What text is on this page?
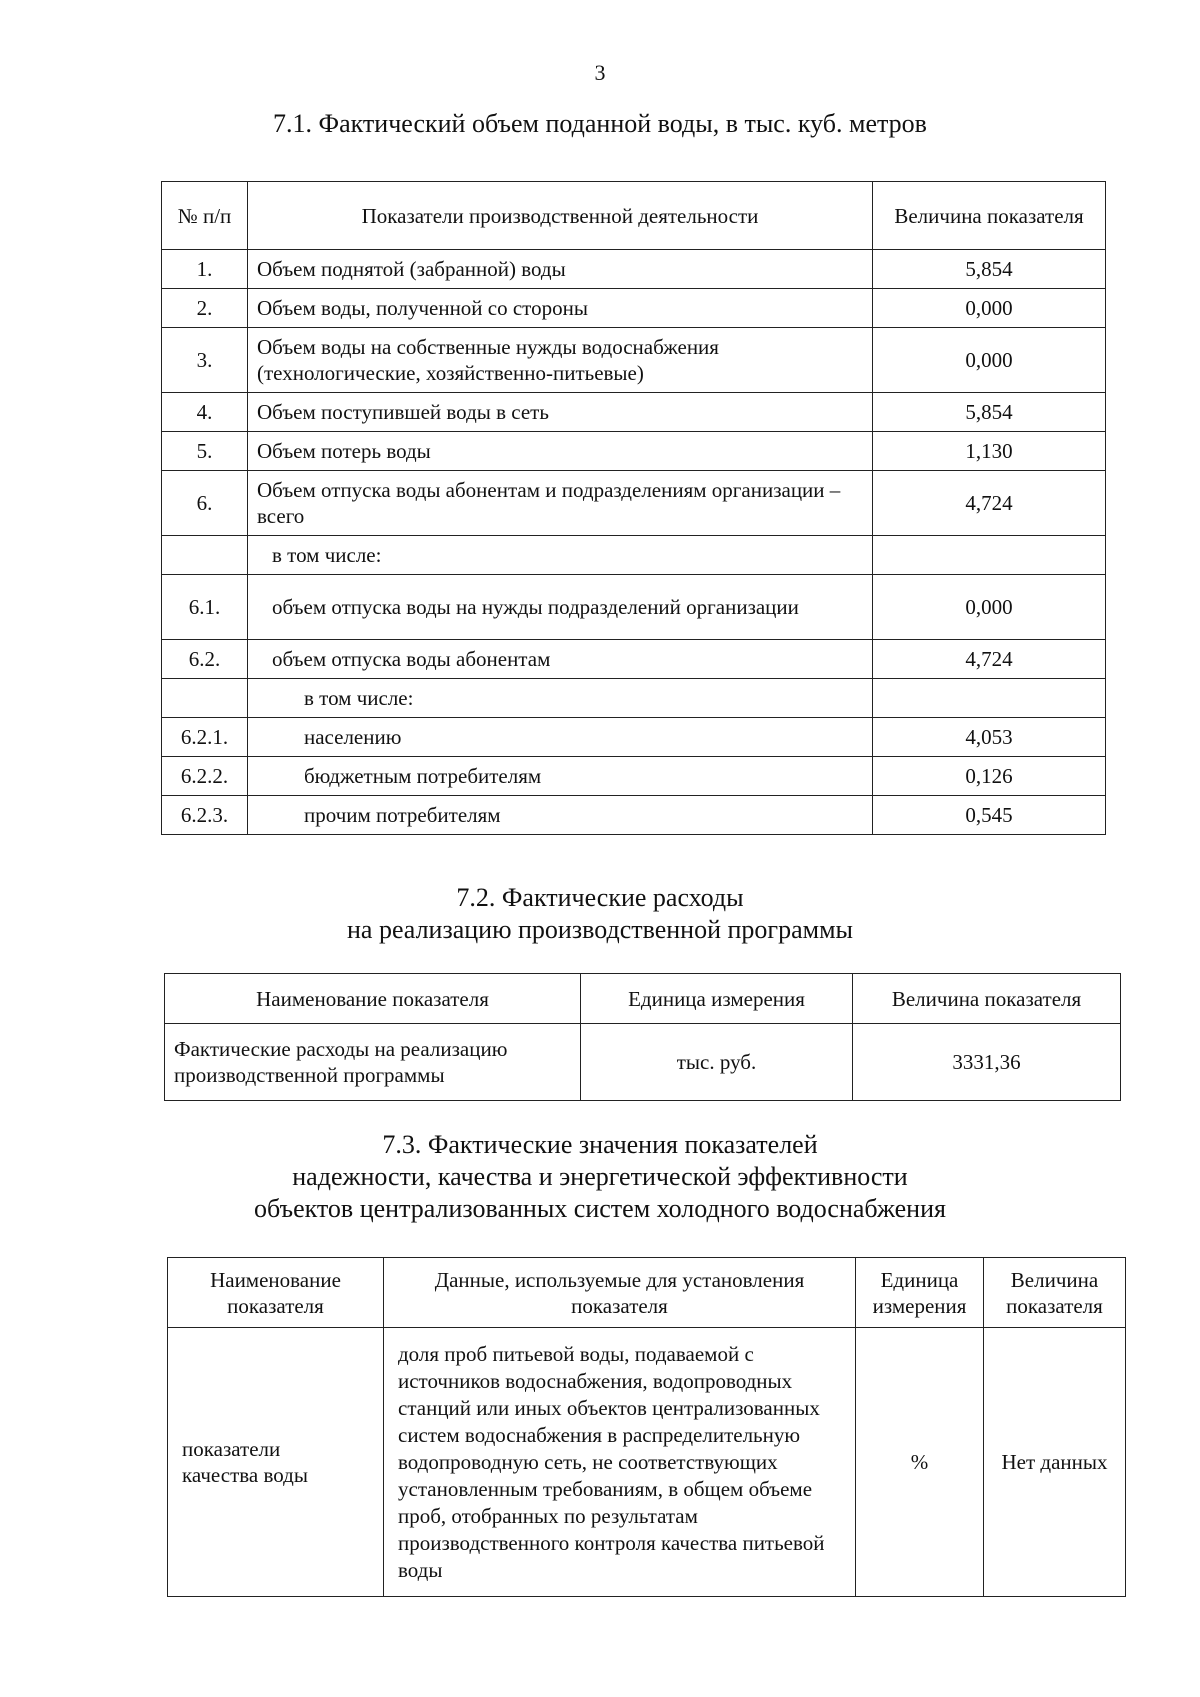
3
7.1. Фактический объем поданной воды, в тыс. куб. метров
№ п/п	Показатели производственной деятельности	Величина показателя
1.	Объем поднятой (забранной) воды	5,854
2.	Объем воды, полученной со стороны	0,000
3.	Объем воды на собственные нужды водоснабжения (технологические, хозяйственно-питьевые)	0,000
4.	Объем поступившей воды в сеть	5,854
5.	Объем потерь воды	1,130
6.	Объем отпуска воды абонентам и подразделениям организации – всего	4,724
	в том числе:	
6.1.	объем отпуска воды на нужды подразделений организации	0,000
6.2.	объем отпуска воды абонентам	4,724
	в том числе:	
6.2.1.	населению	4,053
6.2.2.	бюджетным потребителям	0,126
6.2.3.	прочим потребителям	0,545
7.2. Фактические расходы
на реализацию производственной программы
Наименование показателя	Единица измерения	Величина показателя
Фактические расходы на реализацию производственной программы	тыс. руб.	3331,36
7.3. Фактические значения показателей
надежности, качества и энергетической эффективности
объектов централизованных систем холодного водоснабжения
Наименование показателя	Данные, используемые для установления показателя	Единица измерения	Величина показателя
показатели качества воды	доля проб питьевой воды, подаваемой с источников водоснабжения, водопроводных станций или иных объектов централизованных систем водоснабжения в распределительную водопроводную сеть, не соответствующих установленным требованиям, в общем объеме проб, отобранных по результатам производственного контроля качества питьевой воды	%	Нет данных
